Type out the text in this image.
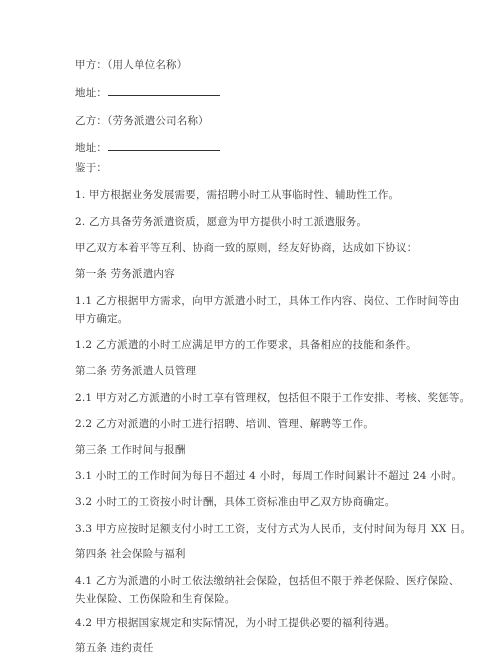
甲方：（用人单位名称）
地址：
乙方：（劳务派遣公司名称）
地址：
鉴于：
1. 甲方根据业务发展需要，需招聘小时工从事临时性、辅助性工作。
2. 乙方具备劳务派遣资质，愿意为甲方提供小时工派遣服务。
甲乙双方本着平等互利、协商一致的原则，经友好协商，达成如下协议：
第一条 劳务派遣内容
1.1 乙方根据甲方需求，向甲方派遣小时工，具体工作内容、岗位、工作时间等由
甲方确定。
1.2 乙方派遣的小时工应满足甲方的工作要求，具备相应的技能和条件。
第二条 劳务派遣人员管理
2.1 甲方对乙方派遣的小时工享有管理权，包括但不限于工作安排、考核、奖惩等。
2.2 乙方对派遣的小时工进行招聘、培训、管理、解聘等工作。
第三条 工作时间与报酬
3.1 小时工的工作时间为每日不超过 4 小时，每周工作时间累计不超过 24 小时。
3.2 小时工的工资按小时计酬，具体工资标准由甲乙双方协商确定。
3.3 甲方应按时足额支付小时工工资，支付方式为人民币，支付时间为每月 XX 日。
第四条 社会保险与福利
4.1 乙方为派遣的小时工依法缴纳社会保险，包括但不限于养老保险、医疗保险、
失业保险、工伤保险和生育保险。
4.2 甲方根据国家规定和实际情况，为小时工提供必要的福利待遇。
第五条 违约责任
